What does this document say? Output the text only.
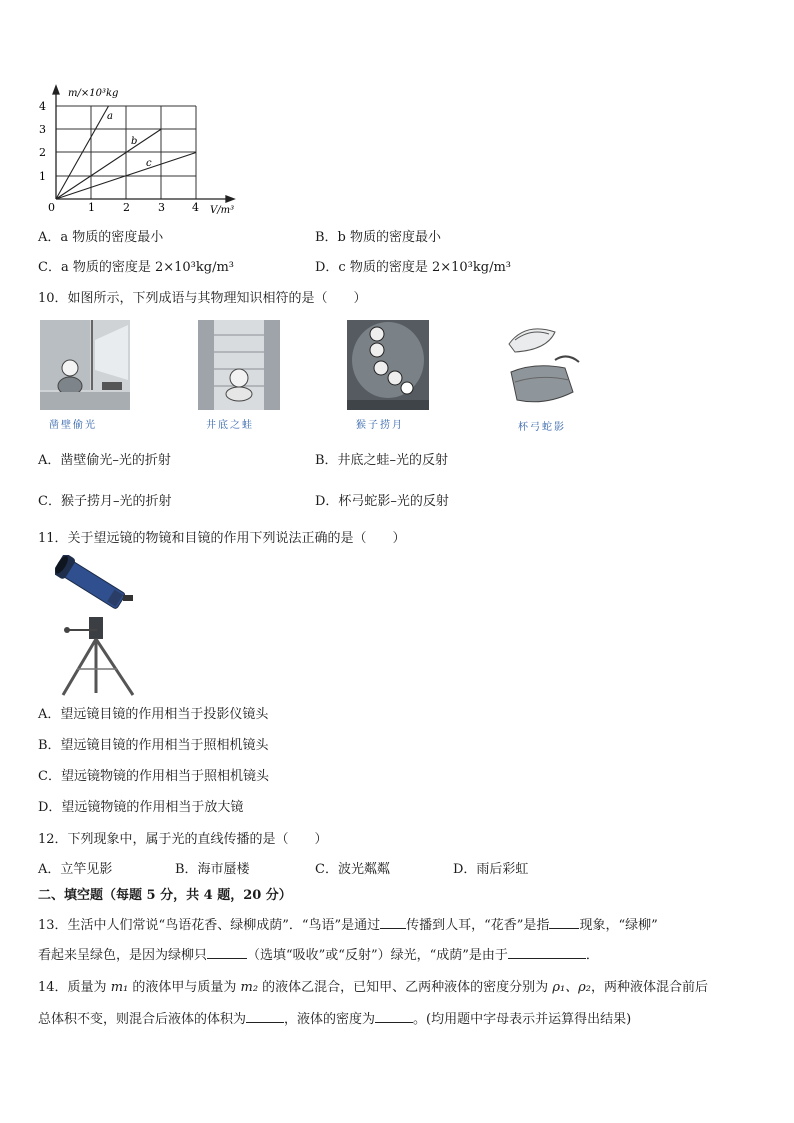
m/×10³kg
V/m³
1
2
3
4
0	1	2	3 4
a
b
c
A．a 物质的密度最小	B．b 物质的密度最小
C．a 物质的密度是 2×10³kg/m³	D．c 物质的密度是 2×10³kg/m³
10．如图所示，下列成语与其物理知识相符的是（　　）
凿壁偷光	井底之蛙	猴子捞月	杯弓蛇影
A．凿壁偷光–光的折射	B．井底之蛙–光的反射
C．猴子捞月–光的折射	D．杯弓蛇影–光的反射
11．关于望远镜的物镜和目镜的作用下列说法正确的是（　　）
A．望远镜目镜的作用相当于投影仪镜头
B．望远镜目镜的作用相当于照相机镜头
C．望远镜物镜的作用相当于照相机镜头
D．望远镜物镜的作用相当于放大镜
12．下列现象中，属于光的直线传播的是（　　）
A．立竿见影	B．海市蜃楼	C．波光粼粼	D．雨后彩虹
二、填空题（每题 5 分，共 4 题，20 分）
13．生活中人们常说“鸟语花香、绿柳成荫”．“鸟语”是通过 传播到人耳，“花香”是指 现象，“绿柳”
看起来呈绿色，是因为绿柳只	（选填“吸收”或“反射”）绿光，“成荫”是由于	．
14．质量为 m₁ 的液体甲与质量为 m₂ 的液体乙混合，已知甲、乙两种液体的密度分别为 ρ₁、ρ₂，两种液体混合前后
总体积不变，则混合后液体的体积为	，液体的密度为	。(均用题中字母表示并运算得出结果)
